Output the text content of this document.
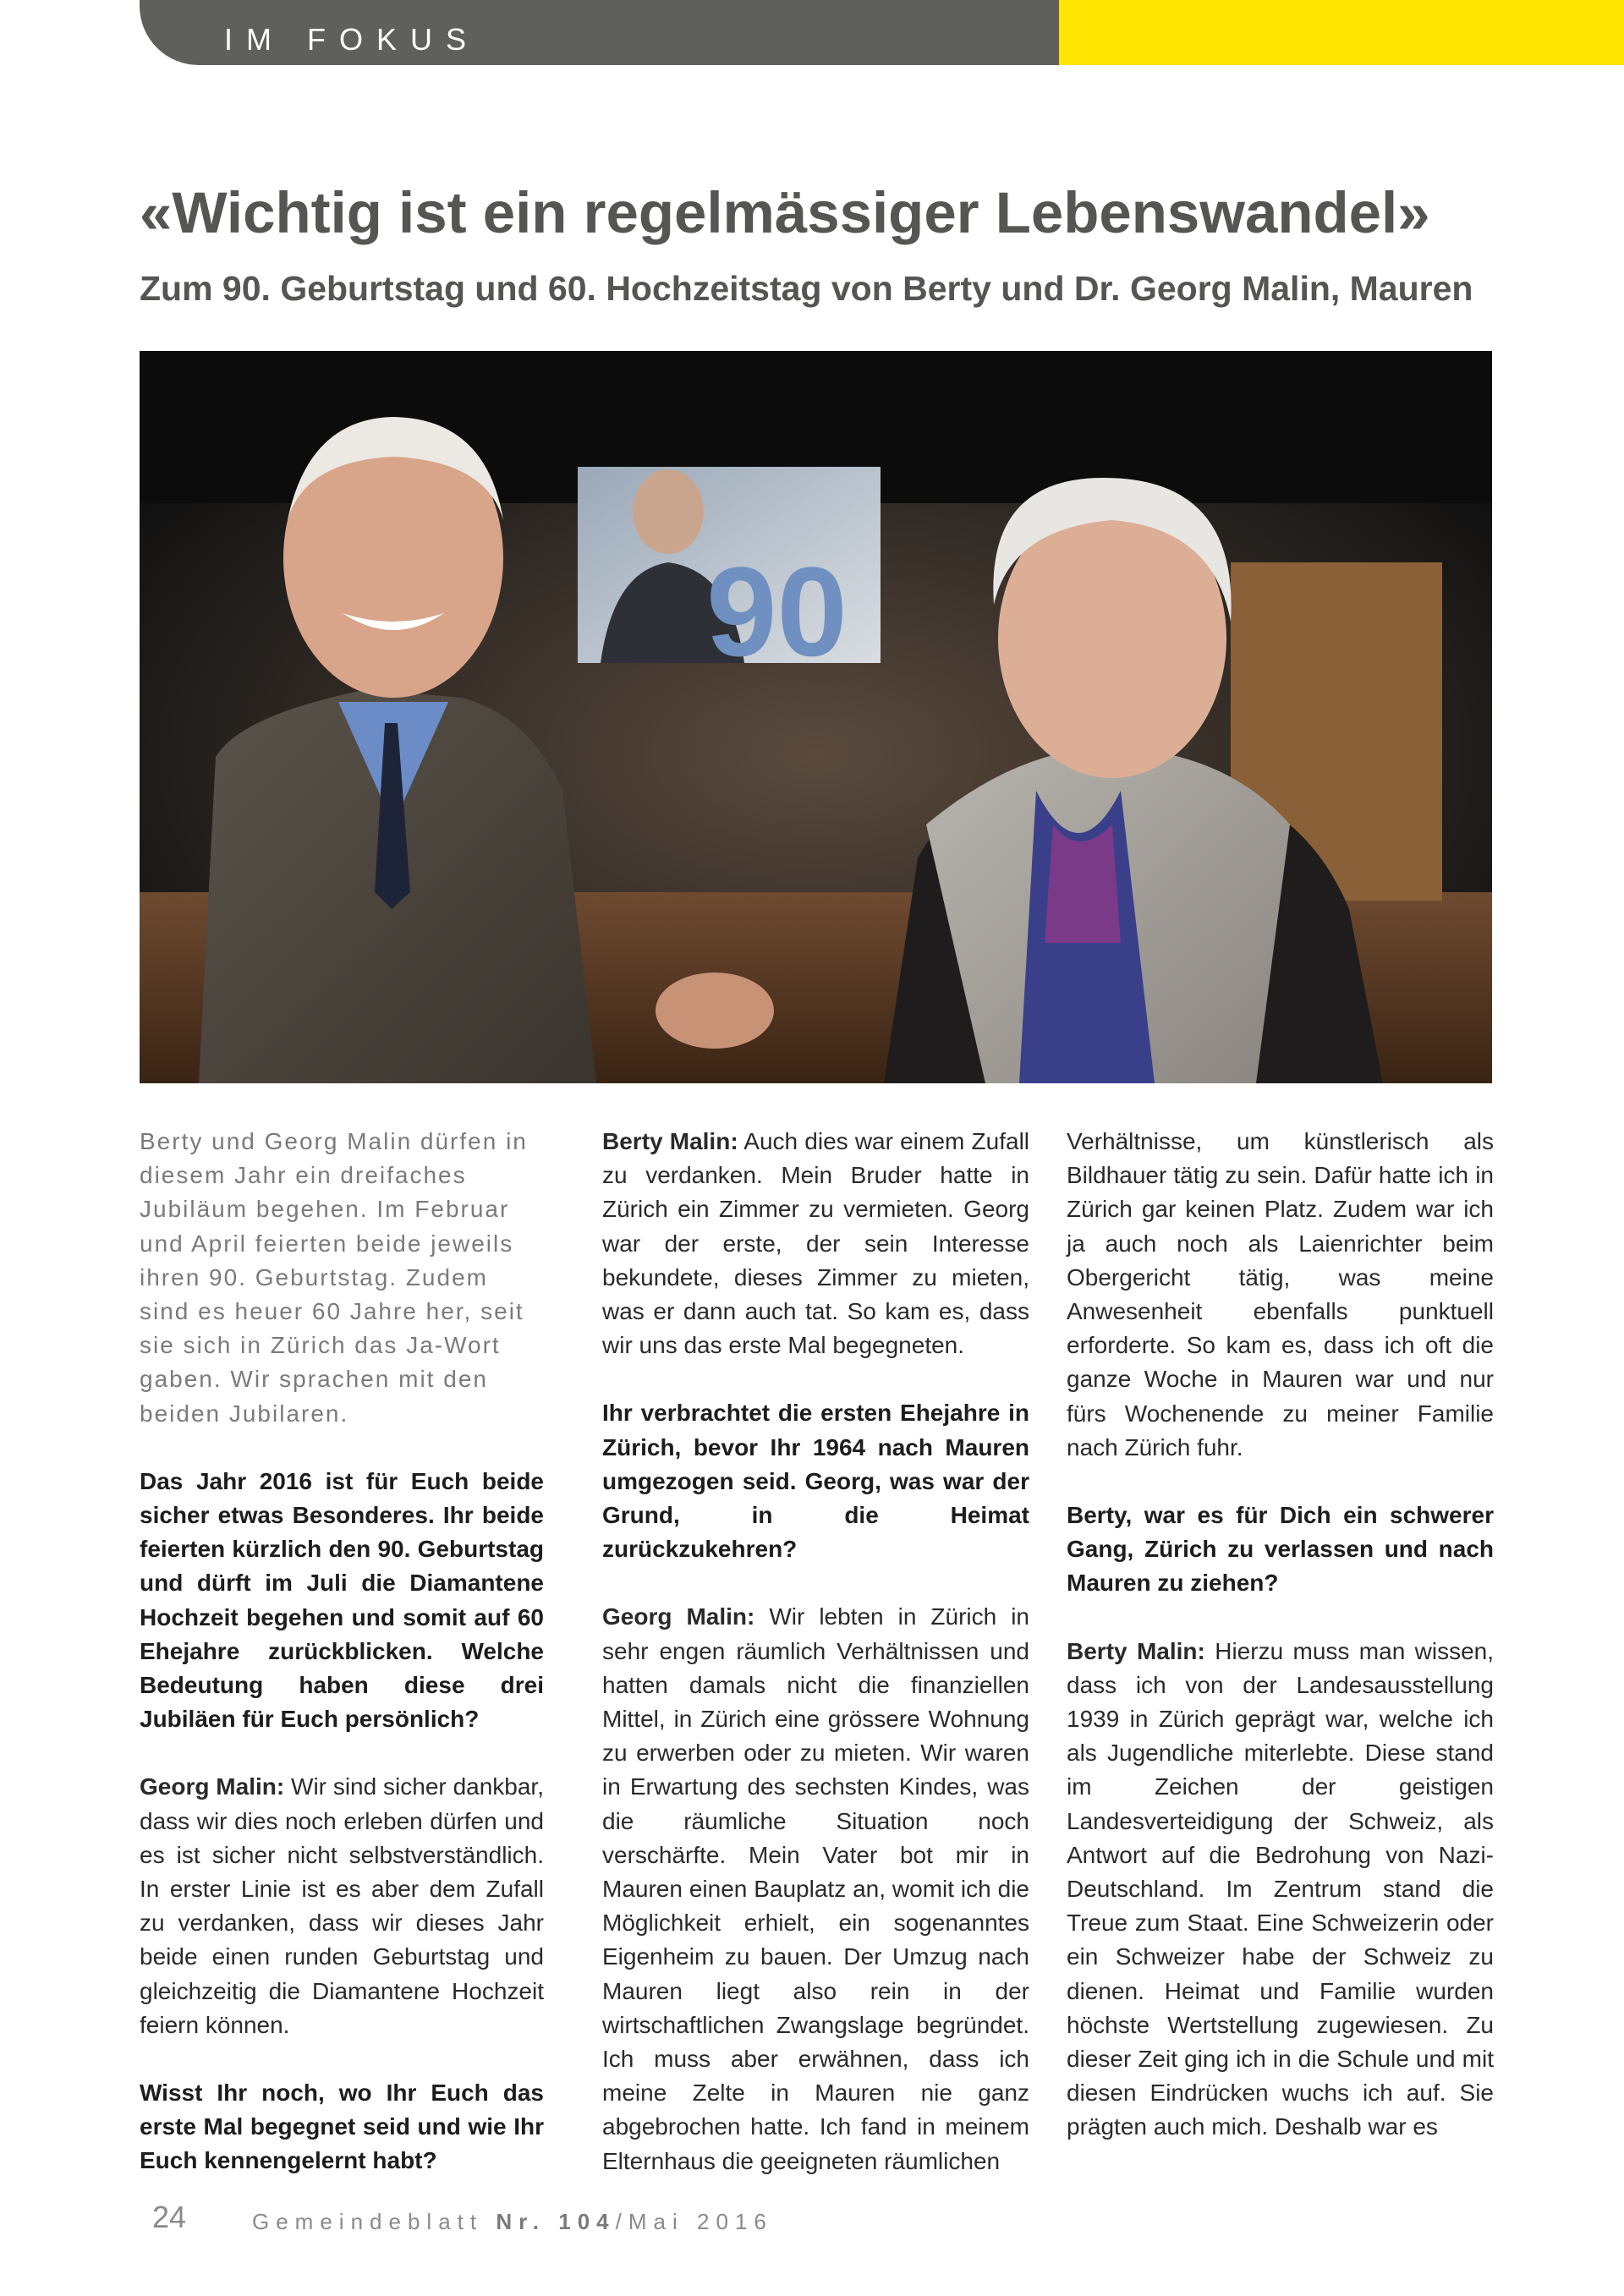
IM FOKUS
«Wichtig ist ein regelmässiger Lebenswandel»
Zum 90. Geburtstag und 60. Hochzeitstag von Berty und Dr. Georg Malin, Mauren
90

Berty und Georg Malin dürfen in diesem Jahr ein dreifaches Jubiläum begehen. Im Februar und April feierten beide jeweils ihren 90. Geburtstag. Zudem sind es heuer 60 Jahre her, seit sie sich in Zürich das Ja-Wort gaben. Wir sprachen mit den beiden Jubilaren.

Das Jahr 2016 ist für Euch beide sicher etwas Besonderes. Ihr beide feierten kürzlich den 90. Geburtstag und dürft im Juli die Diamantene Hochzeit begehen und somit auf 60 Ehejahre zurückblicken. Welche Bedeutung haben diese drei Jubiläen für Euch persönlich?

Georg Malin: Wir sind sicher dankbar, dass wir dies noch erleben dürfen und es ist sicher nicht selbstverständlich. In erster Linie ist es aber dem Zufall zu verdanken, dass wir dieses Jahr beide einen runden Geburtstag und gleichzeitig die Diamantene Hochzeit feiern können.

Wisst Ihr noch, wo Ihr Euch das erste Mal begegnet seid und wie Ihr Euch kennengelernt habt?

Berty Malin: Auch dies war einem Zufall zu verdanken. Mein Bruder hatte in Zürich ein Zimmer zu vermieten. Georg war der erste, der sein Interesse bekundete, dieses Zimmer zu mieten, was er dann auch tat. So kam es, dass wir uns das erste Mal begegneten.

Ihr verbrachtet die ersten Ehejahre in Zürich, bevor Ihr 1964 nach Mauren umgezogen seid. Georg, was war der Grund, in die Heimat zurückzukehren?

Georg Malin: Wir lebten in Zürich in sehr engen räumlich Verhältnissen und hatten damals nicht die finanziellen Mittel, in Zürich eine grössere Wohnung zu erwerben oder zu mieten. Wir waren in Erwartung des sechsten Kindes, was die räumliche Situation noch verschärfte. Mein Vater bot mir in Mauren einen Bauplatz an, womit ich die Möglichkeit erhielt, ein sogenanntes Eigenheim zu bauen. Der Umzug nach Mauren liegt also rein in der wirtschaftlichen Zwangslage begründet. Ich muss aber erwähnen, dass ich meine Zelte in Mauren nie ganz abgebrochen hatte. Ich fand in meinem Elternhaus die geeigneten räumlichen

Verhältnisse, um künstlerisch als Bildhauer tätig zu sein. Dafür hatte ich in Zürich gar keinen Platz. Zudem war ich ja auch noch als Laienrichter beim Obergericht tätig, was meine Anwesenheit ebenfalls punktuell erforderte. So kam es, dass ich oft die ganze Woche in Mauren war und nur fürs Wochenende zu meiner Familie nach Zürich fuhr.

Berty, war es für Dich ein schwerer Gang, Zürich zu verlassen und nach Mauren zu ziehen?

Berty Malin: Hierzu muss man wissen, dass ich von der Landesausstellung 1939 in Zürich geprägt war, welche ich als Jugendliche miterlebte. Diese stand im Zeichen der geistigen Landesverteidigung der Schweiz, als Antwort auf die Bedrohung von Nazi-Deutschland. Im Zentrum stand die Treue zum Staat. Eine Schweizerin oder ein Schweizer habe der Schweiz zu dienen. Heimat und Familie wurden höchste Wertstellung zugewiesen. Zu dieser Zeit ging ich in die Schule und mit diesen Eindrücken wuchs ich auf. Sie prägten auch mich. Deshalb war es

24	Gemeindeblatt Nr. 104/Mai 2016
